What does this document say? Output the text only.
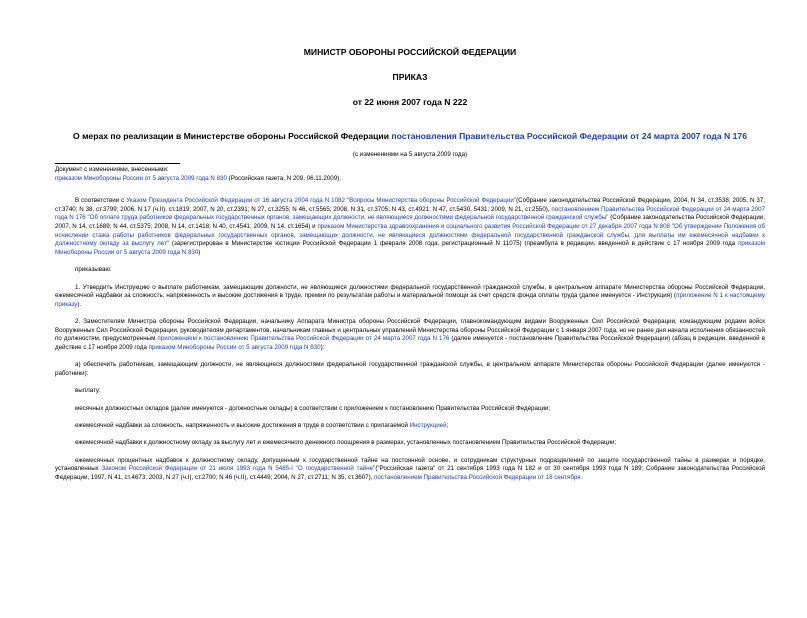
МИНИСТР ОБОРОНЫ РОССИЙСКОЙ ФЕДЕРАЦИИ
ПРИКАЗ
от 22 июня 2007 года N 222
О мерах по реализации в Министерстве обороны Российской Федерации постановления Правительства Российской Федерации от 24 марта 2007 года N 176
(с изменениями на 5 августа 2009 года)
Документ с изменениями, внесенными:
приказом Минобороны России от 5 августа 2009 года N 830 (Российская газета, N 209, 06.11.2009).

В соответствии с Указом Президента Российской Федерации от 16 августа 2004 года N 1082 "Вопросы Министерства обороны Российской Федерации"(Собрание законодательства Российской Федерации, 2004, N 34, ст.3538; 2005, N 37, ст.3740; N 38, ст.3799; 2006, N 17 (ч.II), ст.1819; 2007, N 20, ст.2391; N 27, ст.3255; N 46, ст.5565; 2008, N 31, ст.3705; N 43, ст.4921; N 47, ст.5430, 5431; 2009, N 21, ст.2550), постановлением Правительства Российской Федерации от 24 марта 2007 года N 176 "Об оплате труда работников федеральных государственных органов, замещающих должности, не являющиеся должностями федеральной государственной гражданской службы" (Собрание законодательства Российской Федерации, 2007, N 14, ст.1689; N 44, ст.5375; 2008, N 14, ст.1418; N 40, ст.4541; 2009, N 14, ст.1654) и приказом Министерства здравоохранения и социального развития Российской Федерации от 27 декабря 2007 года N 808 "Об утверждении Положения об исчислении стажа работы работников федеральных государственных органов, замещающих должности, не являющиеся должностями федеральной государственной гражданской службы, для выплаты им ежемесячной надбавки к должностному окладу за выслугу лет" (зарегистрирован в Министерстве юстиции Российской Федерации 1 февраля 2008 года, регистрационный N 11075) (преамбула в редакции, введенной в действие с 17 ноября 2009 года приказом Минобороны России от 5 августа 2009 года N 830)

приказываю:

1. Утвердить Инструкцию о выплате работникам, замещающим должности, не являющиеся должностями федеральной государственной гражданской службы, в центральном аппарате Министерства обороны Российской Федерации, ежемесячной надбавки за сложность, напряженность и высокие достижения в труде, премии по результатам работы и материальной помощи за счет средств фонда оплаты труда (далее именуется - Инструкция) (приложение N 1 к настоящему приказу).

2. Заместителям Министра обороны Российской Федерации, начальнику Аппарата Министра обороны Российской Федерации, главнокомандующим видами Вооруженных Сил Российской Федерации, командующим родами войск Вооруженных Сил Российской Федерации, руководителям департаментов, начальникам главных и центральных управлений Министерства обороны Российской Федерации с 1 января 2007 года, но не ранее дня начала исполнения обязанностей по должностям, предусмотренным приложением к постановлению Правительства Российской Федерации от 24 марта 2007 года N 176 (далее именуется - постановление Правительства Российской Федерации) (абзац в редакции, введенной в действие с 17 ноября 2009 года приказом Минобороны России от 5 августа 2009 года N 830):

а) обеспечить работникам, замещающим должности, не являющиеся должностями федеральной государственной гражданской службы, в центральном аппарате Министерства обороны Российской Федерации (далее именуются - работники):

выплату:

месячных должностных окладов (далее именуются - должностные оклады) в соответствии с приложением к постановлению Правительства Российской Федерации;

ежемесячной надбавки за сложность, напряженность и высокие достижения в труде в соответствии с прилагаемой Инструкцией;

ежемесячной надбавки к должностному окладу за выслугу лет и ежемесячного денежного поощрения в размерах, установленных постановлением Правительства Российской Федерации;

ежемесячных процентных надбавок к должностному окладу, допущенным к государственной тайне на постоянной основе, и сотрудникам структурных подразделений по защите государственной тайны в размерах и порядке, установленных Законом Российской Федерации от 21 июля 1993 года N 5485-I "О государственной тайне"("Российская газета" от 21 сентября 1993 года N 182 и от 30 сентября 1993 года N 189; Собрание законодательства Российской Федерации, 1997, N 41, ст.4673; 2003, N 27 (ч.I), ст.2700; N 46 (ч.II), ст.4449; 2004, N 27, ст.2711; N 35, ст.3607), постановлением Правительства Российской Федерации от 18 сентября
